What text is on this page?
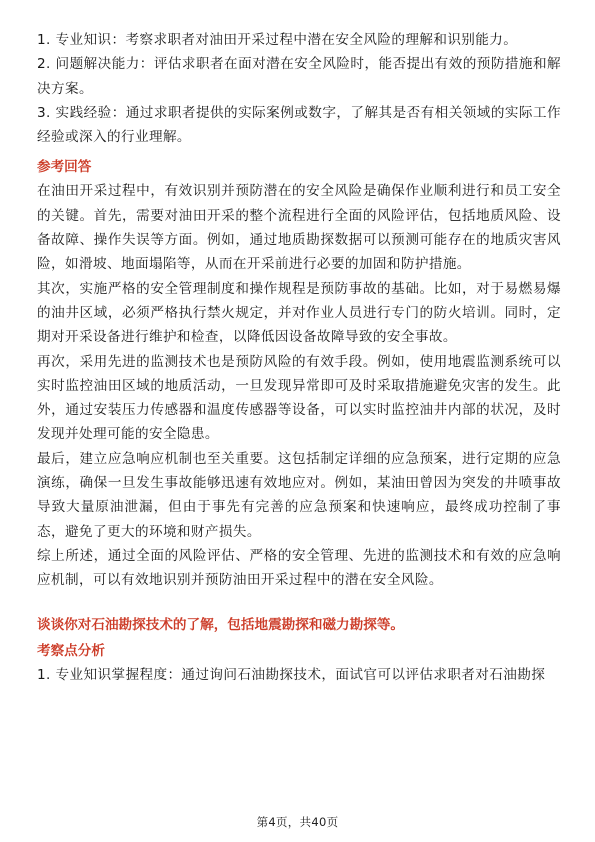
1. 专业知识：考察求职者对油田开采过程中潜在安全风险的理解和识别能力。

2. 问题解决能力：评估求职者在面对潜在安全风险时，能否提出有效的预防措施和解决方案。

3. 实践经验：通过求职者提供的实际案例或数字，了解其是否有相关领域的实际工作经验或深入的行业理解。

参考回答

在油田开采过程中，有效识别并预防潜在的安全风险是确保作业顺利进行和员工安全的关键。首先，需要对油田开采的整个流程进行全面的风险评估，包括地质风险、设备故障、操作失误等方面。例如，通过地质勘探数据可以预测可能存在的地质灾害风险，如滑坡、地面塌陷等，从而在开采前进行必要的加固和防护措施。

其次，实施严格的安全管理制度和操作规程是预防事故的基础。比如，对于易燃易爆的油井区域，必须严格执行禁火规定，并对作业人员进行专门的防火培训。同时，定期对开采设备进行维护和检查，以降低因设备故障导致的安全事故。

再次，采用先进的监测技术也是预防风险的有效手段。例如，使用地震监测系统可以实时监控油田区域的地质活动，一旦发现异常即可及时采取措施避免灾害的发生。此外，通过安装压力传感器和温度传感器等设备，可以实时监控油井内部的状况，及时发现并处理可能的安全隐患。

最后，建立应急响应机制也至关重要。这包括制定详细的应急预案，进行定期的应急演练，确保一旦发生事故能够迅速有效地应对。例如，某油田曾因为突发的井喷事故导致大量原油泄漏，但由于事先有完善的应急预案和快速响应，最终成功控制了事态，避免了更大的环境和财产损失。

综上所述，通过全面的风险评估、严格的安全管理、先进的监测技术和有效的应急响应机制，可以有效地识别并预防油田开采过程中的潜在安全风险。

谈谈你对石油勘探技术的了解，包括地震勘探和磁力勘探等。
考察点分析

1. 专业知识掌握程度：通过询问石油勘探技术，面试官可以评估求职者对石油勘探

第4页，共40页
